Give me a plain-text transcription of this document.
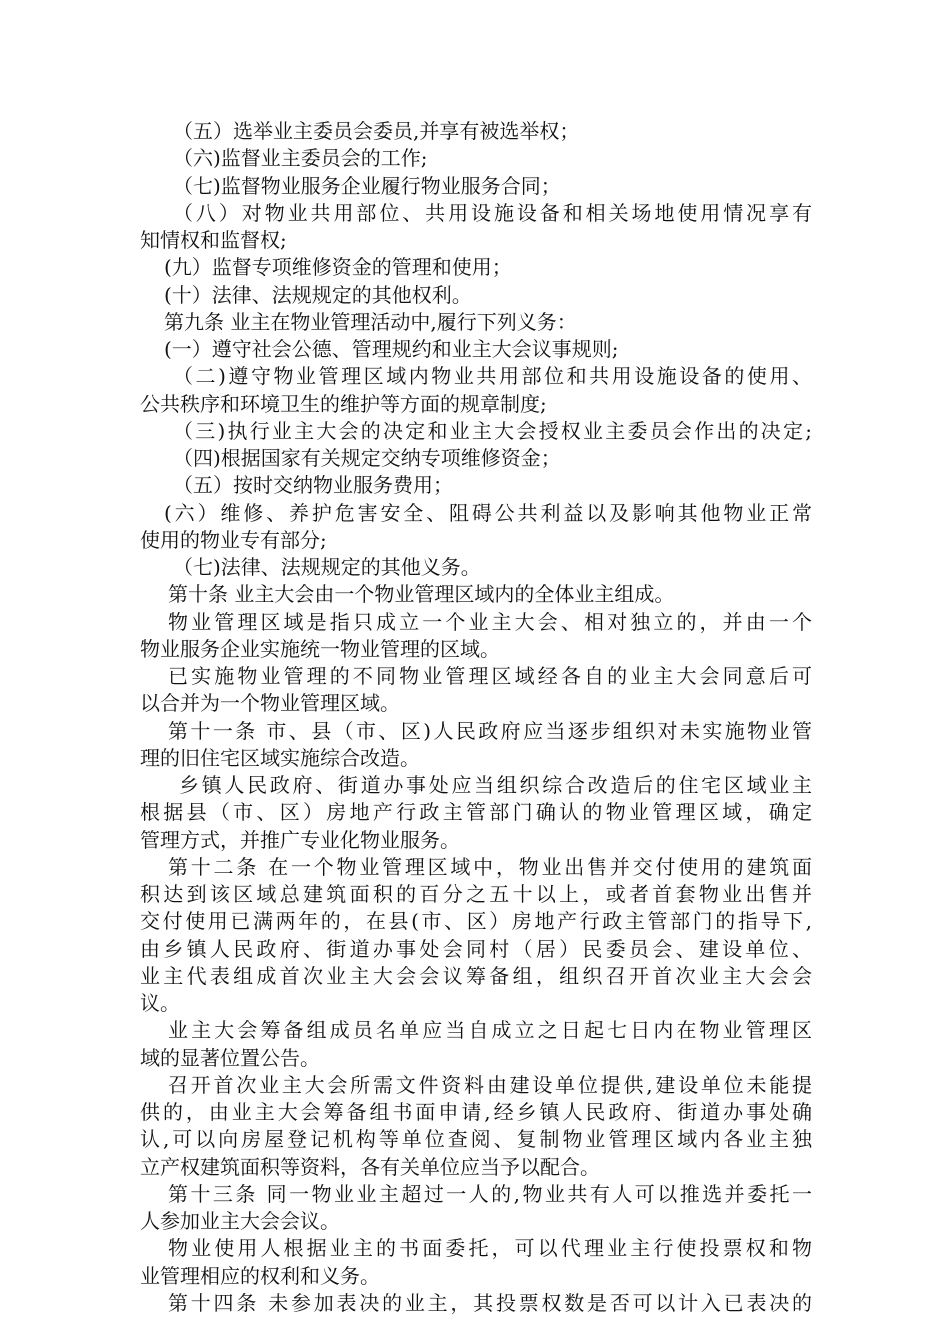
（五）选举业主委员会委员,并享有被选举权；
（六)监督业主委员会的工作;
（七)监督物业服务企业履行物业服务合同；
（八）对物业共用部位、共用设施设备和相关场地使用情况享有
知情权和监督权;
(九）监督专项维修资金的管理和使用；
(十）法律、法规规定的其他权利。
第九条 业主在物业管理活动中,履行下列义务：
(一）遵守社会公德、管理规约和业主大会议事规则;
（二)遵守物业管理区域内物业共用部位和共用设施设备的使用、
公共秩序和环境卫生的维护等方面的规章制度;
（三)执行业主大会的决定和业主大会授权业主委员会作出的决定;
（四)根据国家有关规定交纳专项维修资金；
（五）按时交纳物业服务费用；
(六）维修、养护危害安全、阻碍公共利益以及影响其他物业正常
使用的物业专有部分;
（七)法律、法规规定的其他义务。
第十条 业主大会由一个物业管理区域内的全体业主组成。
物业管理区域是指只成立一个业主大会、相对独立的，并由一个
物业服务企业实施统一物业管理的区域。
已实施物业管理的不同物业管理区域经各自的业主大会同意后可
以合并为一个物业管理区域。
第十一条 市、县（市、区)人民政府应当逐步组织对未实施物业管
理的旧住宅区域实施综合改造。
乡镇人民政府、街道办事处应当组织综合改造后的住宅区域业主
根据县（市、区）房地产行政主管部门确认的物业管理区域，确定
管理方式，并推广专业化物业服务。
第十二条 在一个物业管理区域中，物业出售并交付使用的建筑面
积达到该区域总建筑面积的百分之五十以上，或者首套物业出售并
交付使用已满两年的，在县(市、区）房地产行政主管部门的指导下,
由乡镇人民政府、街道办事处会同村（居）民委员会、建设单位、
业主代表组成首次业主大会会议筹备组，组织召开首次业主大会会
议。
业主大会筹备组成员名单应当自成立之日起七日内在物业管理区
域的显著位置公告。
召开首次业主大会所需文件资料由建设单位提供,建设单位未能提
供的，由业主大会筹备组书面申请,经乡镇人民政府、街道办事处确
认,可以向房屋登记机构等单位查阅、复制物业管理区域内各业主独
立产权建筑面积等资料，各有关单位应当予以配合。
第十三条 同一物业业主超过一人的,物业共有人可以推选并委托一
人参加业主大会会议。
物业使用人根据业主的书面委托，可以代理业主行使投票权和物
业管理相应的权利和义务。
第十四条 未参加表决的业主，其投票权数是否可以计入已表决的
